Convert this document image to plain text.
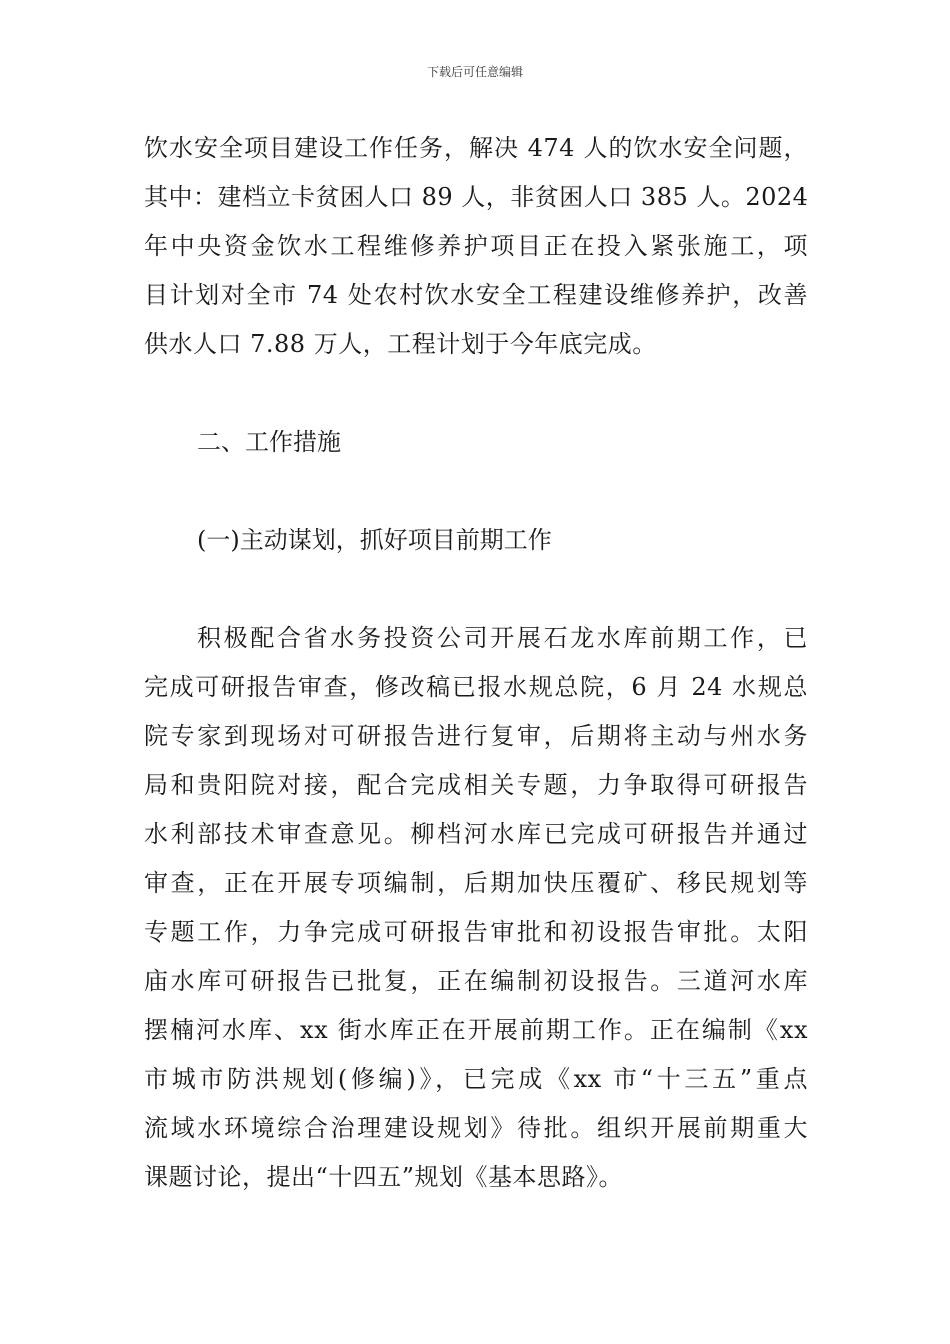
下载后可任意编辑
饮水安全项目建设工作任务，解决 474 人的饮水安全问题，
其中：建档立卡贫困人口 89 人，非贫困人口 385 人。2024
年中央资金饮水工程维修养护项目正在投入紧张施工，项
目计划对全市 74 处农村饮水安全工程建设维修养护，改善
供水人口 7.88 万人，工程计划于今年底完成。
二、工作措施
(一)主动谋划，抓好项目前期工作
积极配合省水务投资公司开展石龙水库前期工作，已
完成可研报告审查，修改稿已报水规总院，6 月 24 水规总
院专家到现场对可研报告进行复审，后期将主动与州水务
局和贵阳院对接，配合完成相关专题，力争取得可研报告
水利部技术审查意见。柳档河水库已完成可研报告并通过
审查，正在开展专项编制，后期加快压覆矿、移民规划等
专题工作，力争完成可研报告审批和初设报告审批。太阳
庙水库可研报告已批复，正在编制初设报告。三道河水库
摆楠河水库、xx 街水库正在开展前期工作。正在编制《xx
市城市防洪规划(修编)》，已完成《xx 市“十三五”重点
流域水环境综合治理建设规划》待批。组织开展前期重大
课题讨论，提出“十四五”规划《基本思路》。
